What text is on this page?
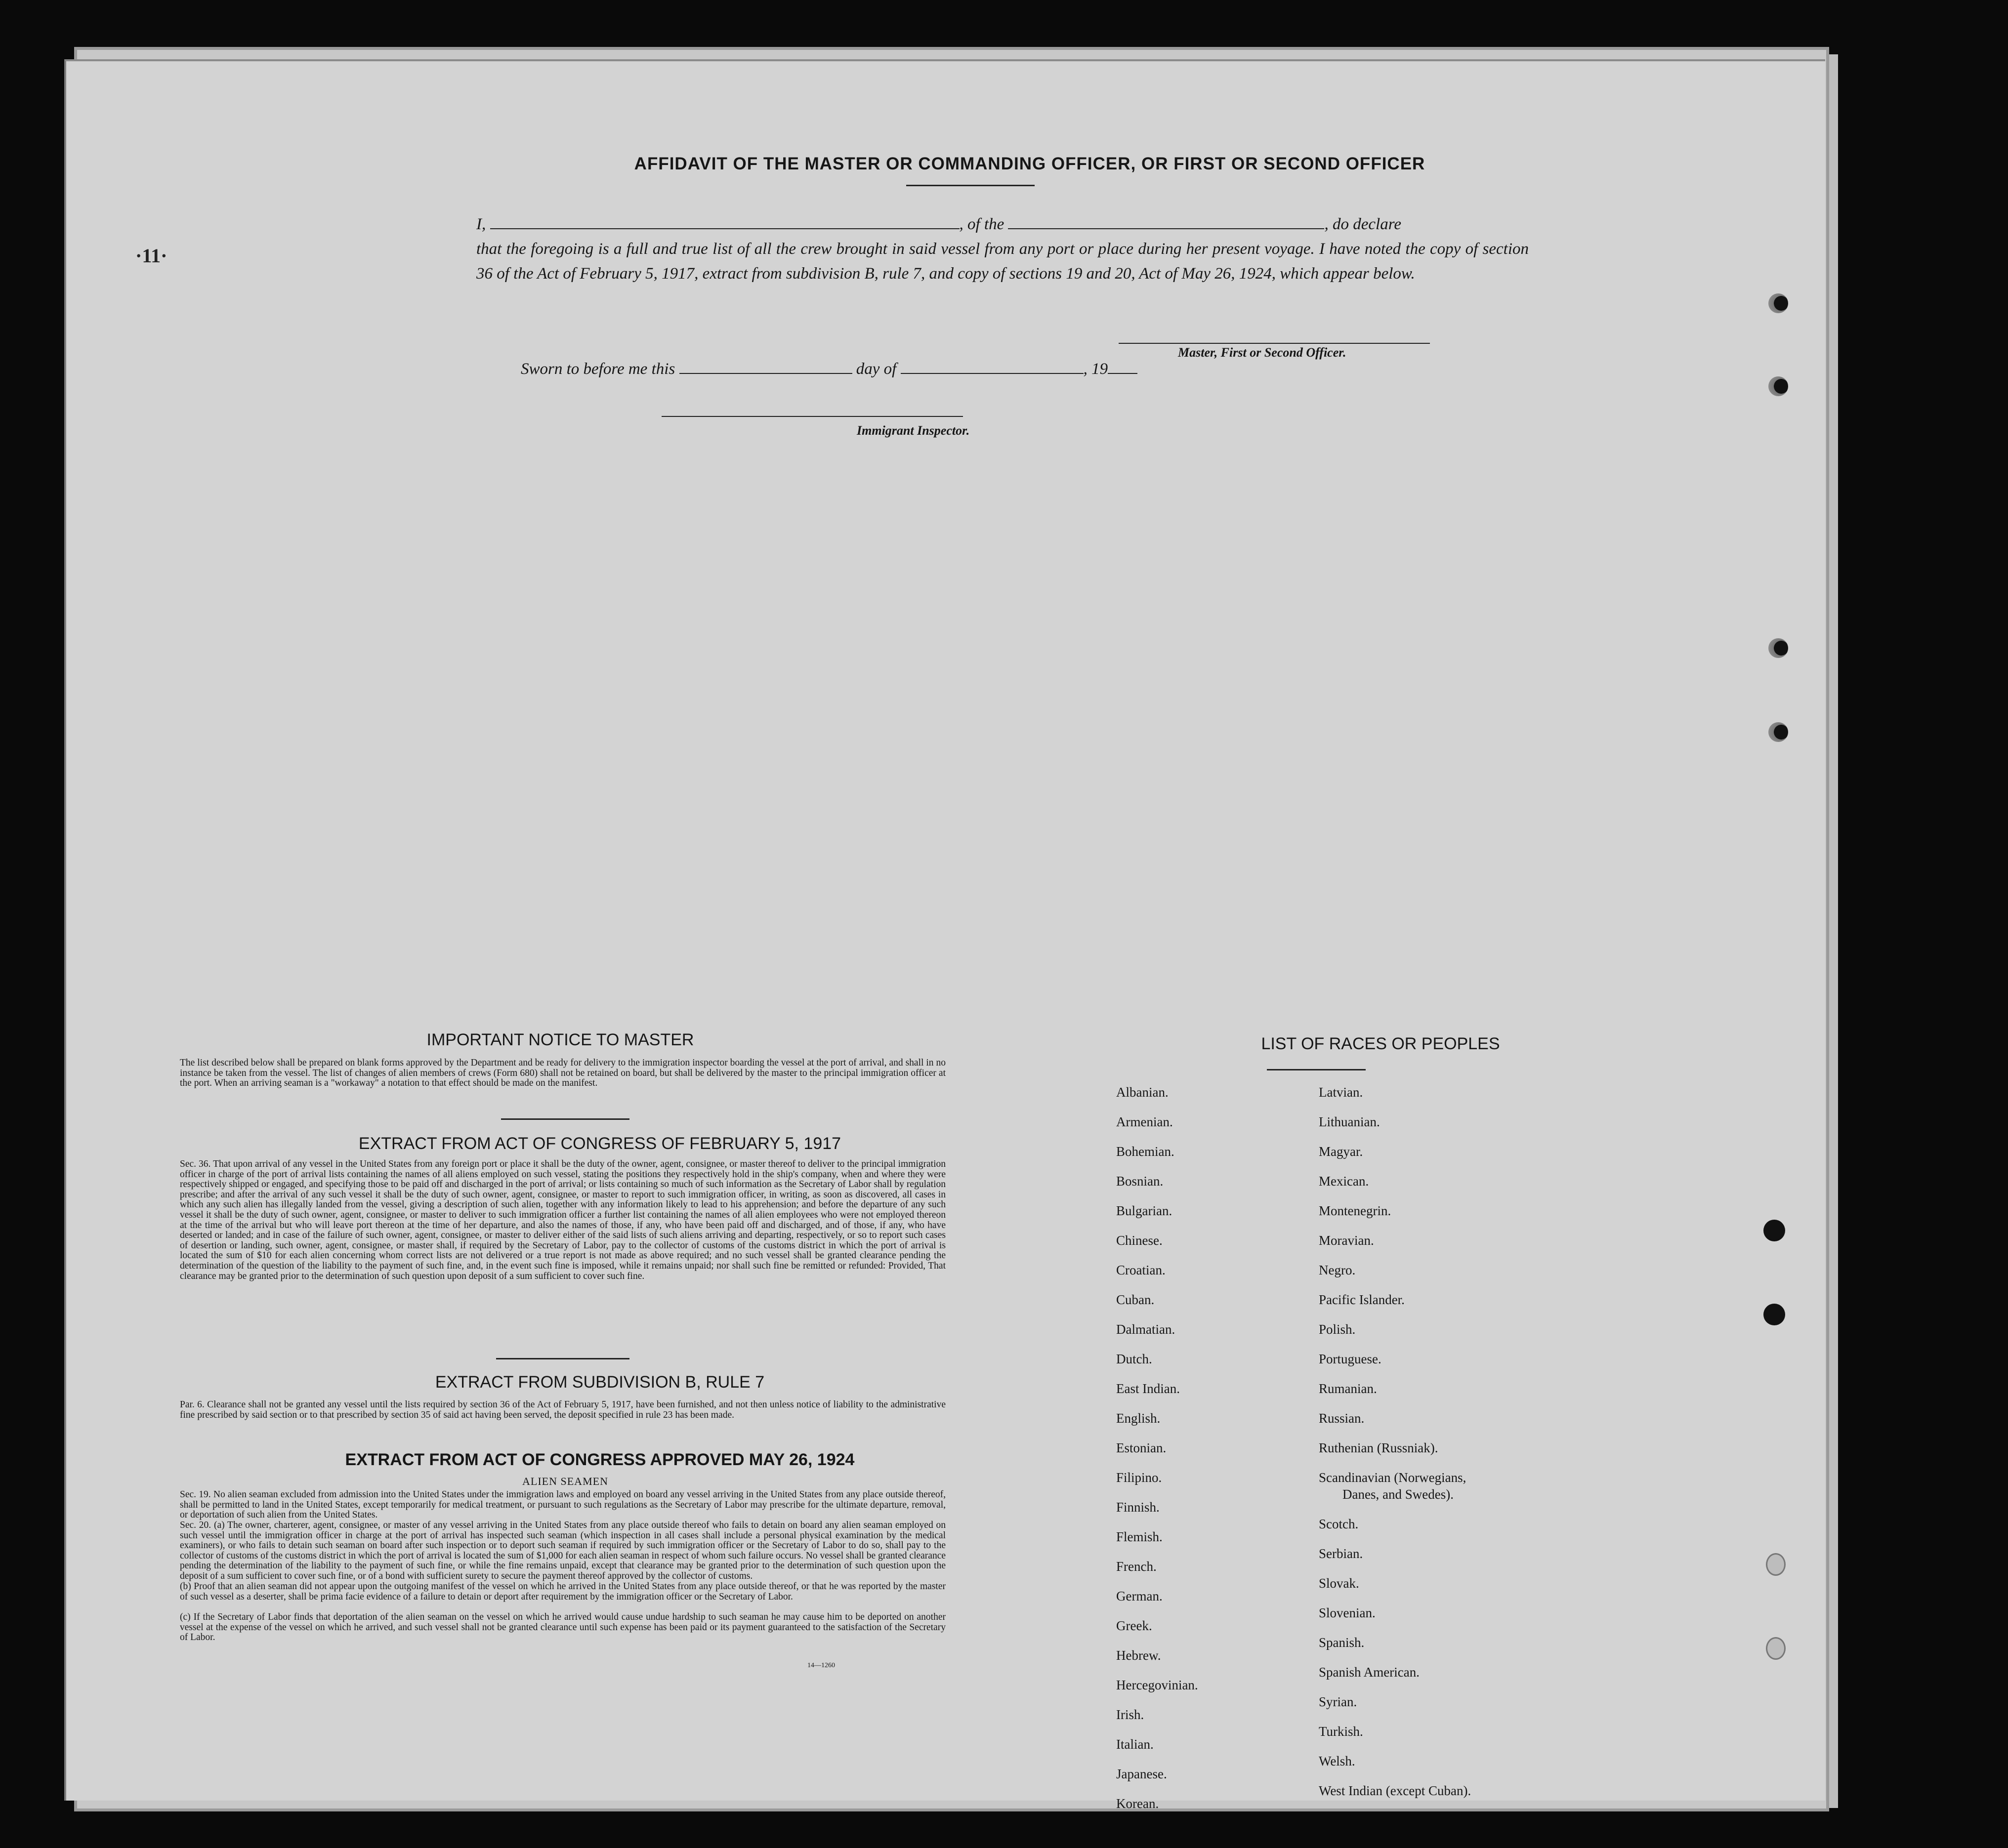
·11·
AFFIDAVIT OF THE MASTER OR COMMANDING OFFICER, OR FIRST OR SECOND OFFICER
I,	, of the	, do declare
that the foregoing is a full and true list of all the crew brought in said vessel from any port or place during her present voyage. I have noted the copy of section 36 of the Act of February 5, 1917, extract from subdivision B, rule 7, and copy of sections 19 and 20, Act of May 26, 1924, which appear below.
Master, First or Second Officer.
Sworn to before me this	day of	, 19
Immigrant Inspector.
IMPORTANT NOTICE TO MASTER
The list described below shall be prepared on blank forms approved by the Department and be ready for delivery to the immigration inspector boarding the vessel at the port of arrival, and shall in no instance be taken from the vessel. The list of changes of alien members of crews (Form 680) shall not be retained on board, but shall be delivered by the master to the principal immigration officer at the port. When an arriving seaman is a "workaway" a notation to that effect should be made on the manifest.
EXTRACT FROM ACT OF CONGRESS OF FEBRUARY 5, 1917
Sec. 36. That upon arrival of any vessel in the United States from any foreign port or place it shall be the duty of the owner, agent, consignee, or master thereof to deliver to the principal immigration officer in charge of the port of arrival lists containing the names of all aliens employed on such vessel, stating the positions they respectively hold in the ship's company, when and where they were respectively shipped or engaged, and specifying those to be paid off and discharged in the port of arrival; or lists containing so much of such information as the Secretary of Labor shall by regulation prescribe; and after the arrival of any such vessel it shall be the duty of such owner, agent, consignee, or master to report to such immigration officer, in writing, as soon as discovered, all cases in which any such alien has illegally landed from the vessel, giving a description of such alien, together with any information likely to lead to his apprehension; and before the departure of any such vessel it shall be the duty of such owner, agent, consignee, or master to deliver to such immigration officer a further list containing the names of all alien employees who were not employed thereon at the time of the arrival but who will leave port thereon at the time of her departure, and also the names of those, if any, who have been paid off and discharged, and of those, if any, who have deserted or landed; and in case of the failure of such owner, agent, consignee, or master to deliver either of the said lists of such aliens arriving and departing, respectively, or so to report such cases of desertion or landing, such owner, agent, consignee, or master shall, if required by the Secretary of Labor, pay to the collector of customs of the customs district in which the port of arrival is located the sum of $10 for each alien concerning whom correct lists are not delivered or a true report is not made as above required; and no such vessel shall be granted clearance pending the determination of the question of the liability to the payment of such fine, and, in the event such fine is imposed, while it remains unpaid; nor shall such fine be remitted or refunded: Provided, That clearance may be granted prior to the determination of such question upon deposit of a sum sufficient to cover such fine.
EXTRACT FROM SUBDIVISION B, RULE 7
Par. 6. Clearance shall not be granted any vessel until the lists required by section 36 of the Act of February 5, 1917, have been furnished, and not then unless notice of liability to the administrative fine prescribed by said section or to that prescribed by section 35 of said act having been served, the deposit specified in rule 23 has been made.
EXTRACT FROM ACT OF CONGRESS APPROVED MAY 26, 1924
ALIEN SEAMEN
Sec. 19. No alien seaman excluded from admission into the United States under the immigration laws and employed on board any vessel arriving in the United States from any place outside thereof, shall be permitted to land in the United States, except temporarily for medical treatment, or pursuant to such regulations as the Secretary of Labor may prescribe for the ultimate departure, removal, or deportation of such alien from the United States.
Sec. 20. (a) The owner, charterer, agent, consignee, or master of any vessel arriving in the United States from any place outside thereof who fails to detain on board any alien seaman employed on such vessel until the immigration officer in charge at the port of arrival has inspected such seaman (which inspection in all cases shall include a personal physical examination by the medical examiners), or who fails to detain such seaman on board after such inspection or to deport such seaman if required by such immigration officer or the Secretary of Labor to do so, shall pay to the collector of customs of the customs district in which the port of arrival is located the sum of $1,000 for each alien seaman in respect of whom such failure occurs. No vessel shall be granted clearance pending the determination of the liability to the payment of such fine, or while the fine remains unpaid, except that clearance may be granted prior to the determination of such question upon the deposit of a sum sufficient to cover such fine, or of a bond with sufficient surety to secure the payment thereof approved by the collector of customs.
(b) Proof that an alien seaman did not appear upon the outgoing manifest of the vessel on which he arrived in the United States from any place outside thereof, or that he was reported by the master of such vessel as a deserter, shall be prima facie evidence of a failure to detain or deport after requirement by the immigration officer or the Secretary of Labor.
(c) If the Secretary of Labor finds that deportation of the alien seaman on the vessel on which he arrived would cause undue hardship to such seaman he may cause him to be deported on another vessel at the expense of the vessel on which he arrived, and such vessel shall not be granted clearance until such expense has been paid or its payment guaranteed to the satisfaction of the Secretary of Labor.
14—1260
LIST OF RACES OR PEOPLES
Albanian.
Armenian.
Bohemian.
Bosnian.
Bulgarian.
Chinese.
Croatian.
Cuban.
Dalmatian.
Dutch.
East Indian.
English.
Estonian.
Filipino.
Finnish.
Flemish.
French.
German.
Greek.
Hebrew.
Hercegovinian.
Irish.
Italian.
Japanese.
Korean.
Latvian.
Lithuanian.
Magyar.
Mexican.
Montenegrin.
Moravian.
Negro.
Pacific Islander.
Polish.
Portuguese.
Rumanian.
Russian.
Ruthenian (Russniak).
Scandinavian (Norwegians,
Danes, and Swedes).
Scotch.
Serbian.
Slovak.
Slovenian.
Spanish.
Spanish American.
Syrian.
Turkish.
Welsh.
West Indian (except Cuban).
